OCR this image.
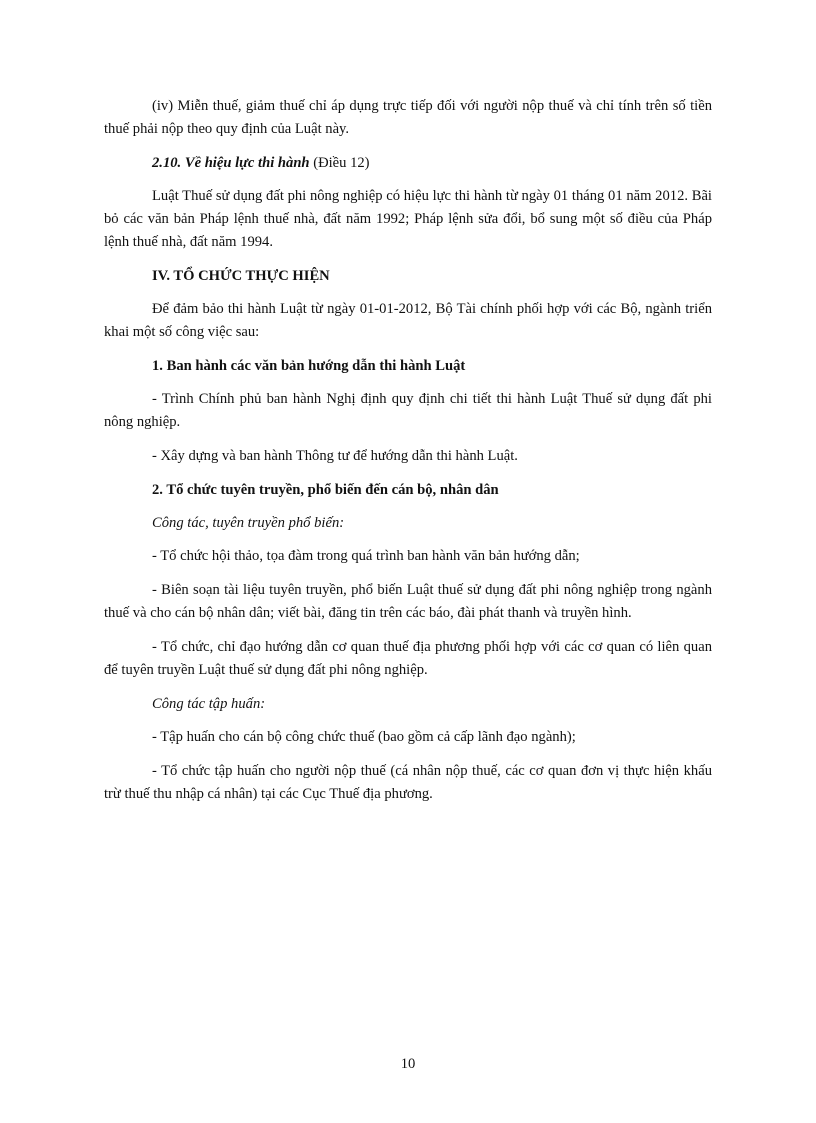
(iv) Miễn thuế, giảm thuế chỉ áp dụng trực tiếp đối với người nộp thuế và chỉ tính trên số tiền thuế phải nộp theo quy định của Luật này.

2.10. Về hiệu lực thi hành (Điều 12)

Luật Thuế sử dụng đất phi nông nghiệp có hiệu lực thi hành từ ngày 01 tháng 01 năm 2012. Bãi bỏ các văn bản Pháp lệnh thuế nhà, đất năm 1992; Pháp lệnh sửa đổi, bổ sung một số điều của Pháp lệnh thuế nhà, đất năm 1994.

IV. TỔ CHỨC THỰC HIỆN

Để đảm bảo thi hành Luật từ ngày 01-01-2012, Bộ Tài chính phối hợp với các Bộ, ngành triển khai một số công việc sau:

1. Ban hành các văn bản hướng dẫn thi hành Luật

- Trình Chính phủ ban hành Nghị định quy định chi tiết thi hành Luật Thuế sử dụng đất phi nông nghiệp.

- Xây dựng và ban hành Thông tư để hướng dẫn thi hành Luật.

2. Tổ chức tuyên truyền, phổ biến đến cán bộ, nhân dân

Công tác, tuyên truyền phổ biến:

- Tổ chức hội thảo, tọa đàm trong quá trình ban hành văn bản hướng dẫn;

- Biên soạn tài liệu tuyên truyền, phổ biến Luật thuế sử dụng đất phi nông nghiệp trong ngành thuế và cho cán bộ nhân dân; viết bài, đăng tin trên các báo, đài phát thanh và truyền hình.

- Tổ chức, chỉ đạo hướng dẫn cơ quan thuế địa phương phối hợp với các cơ quan có liên quan để tuyên truyền Luật thuế sử dụng đất phi nông nghiệp.

Công tác tập huấn:

- Tập huấn cho cán bộ công chức thuế (bao gồm cả cấp lãnh đạo ngành);

- Tổ chức tập huấn cho người nộp thuế (cá nhân nộp thuế, các cơ quan đơn vị thực hiện khấu trừ thuế thu nhập cá nhân) tại các Cục Thuế địa phương.

10
